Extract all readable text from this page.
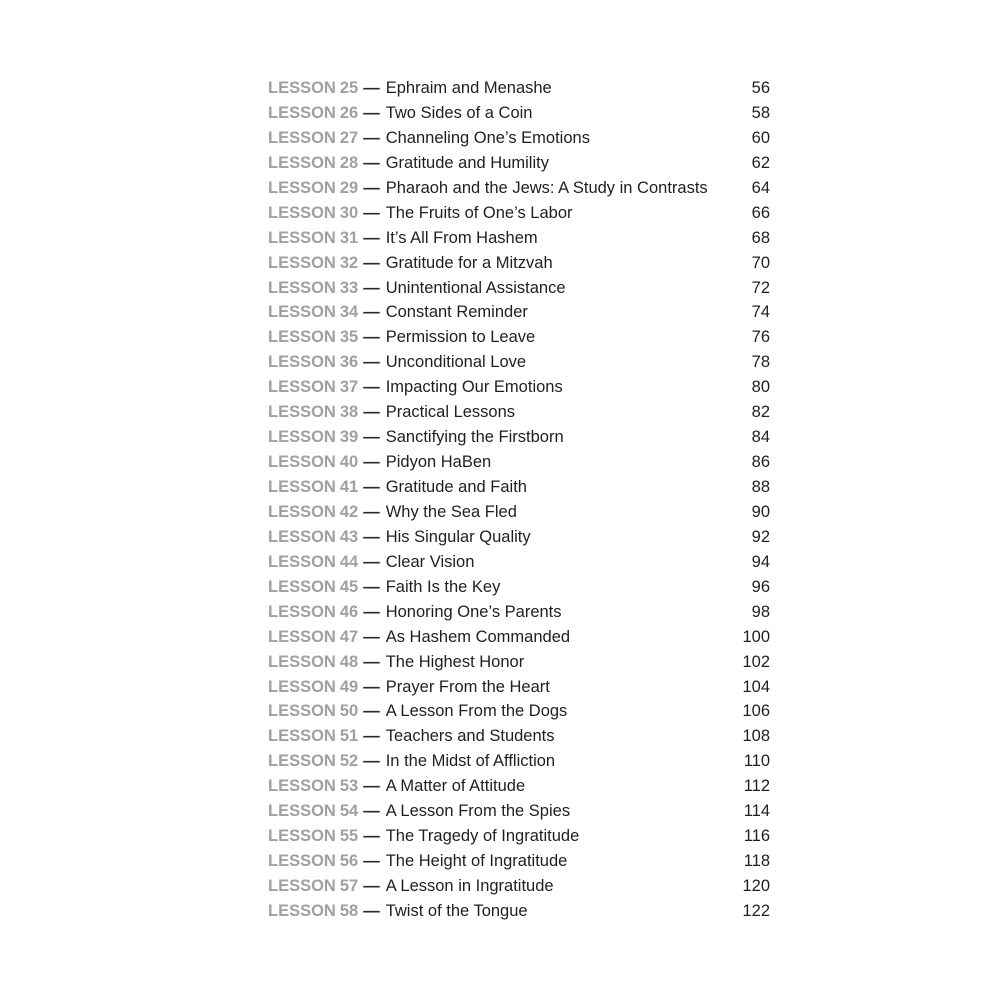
LESSON 25 — Ephraim and Menashe	56
LESSON 26 — Two Sides of a Coin	58
LESSON 27 — Channeling One’s Emotions	60
LESSON 28 — Gratitude and Humility	62
LESSON 29 — Pharaoh and the Jews: A Study in Contrasts	64
LESSON 30 — The Fruits of One’s Labor	66
LESSON 31 — It’s All From Hashem	68
LESSON 32 — Gratitude for a Mitzvah	70
LESSON 33 — Unintentional Assistance	72
LESSON 34 — Constant Reminder	74
LESSON 35 — Permission to Leave	76
LESSON 36 — Unconditional Love	78
LESSON 37 — Impacting Our Emotions	80
LESSON 38 — Practical Lessons	82
LESSON 39 — Sanctifying the Firstborn	84
LESSON 40 — Pidyon HaBen	86
LESSON 41 — Gratitude and Faith	88
LESSON 42 — Why the Sea Fled	90
LESSON 43 — His Singular Quality	92
LESSON 44 — Clear Vision	94
LESSON 45 — Faith Is the Key	96
LESSON 46 — Honoring One’s Parents	98
LESSON 47 — As Hashem Commanded	100
LESSON 48 — The Highest Honor	102
LESSON 49 — Prayer From the Heart	104
LESSON 50 — A Lesson From the Dogs	106
LESSON 51 — Teachers and Students	108
LESSON 52 — In the Midst of Affliction	110
LESSON 53 — A Matter of Attitude	112
LESSON 54 — A Lesson From the Spies	114
LESSON 55 — The Tragedy of Ingratitude	116
LESSON 56 — The Height of Ingratitude	118
LESSON 57 — A Lesson in Ingratitude	120
LESSON 58 — Twist of the Tongue	122
